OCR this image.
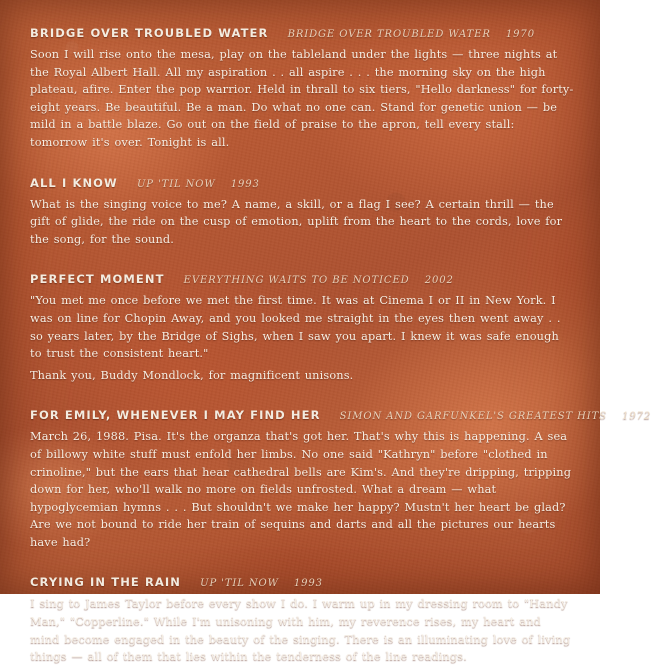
BRIDGE OVER TROUBLED WATER BRIDGE OVER TROUBLED WATER 1970
Soon I will rise onto the mesa, play on the tableland under the lights — three nights at the Royal Albert Hall. All my aspiration . . all aspire . . . the morning sky on the high plateau, afire. Enter the pop warrior. Held in thrall to six tiers, "Hello darkness" for forty-eight years. Be beautiful. Be a man. Do what no one can. Stand for genetic union — be mild in a battle blaze. Go out on the field of praise to the apron, tell every stall: tomorrow it's over. Tonight is all.
ALL I KNOW UP 'TIL NOW 1993
What is the singing voice to me? A name, a skill, or a flag I see? A certain thrill — the gift of glide, the ride on the cusp of emotion, uplift from the heart to the cords, love for the song, for the sound.
PERFECT MOMENT EVERYTHING WAITS TO BE NOTICED 2002
"You met me once before we met the first time. It was at Cinema I or II in New York. I was on line for Chopin Away, and you looked me straight in the eyes then went away . . so years later, by the Bridge of Sighs, when I saw you apart. I knew it was safe enough to trust the consistent heart."
Thank you, Buddy Mondlock, for magnificent unisons.
FOR EMILY, WHENEVER I MAY FIND HER SIMON AND GARFUNKEL'S GREATEST HITS 1972
March 26, 1988. Pisa. It's the organza that's got her. That's why this is happening. A sea of billowy white stuff must enfold her limbs. No one said "Kathryn" before "clothed in crinoline," but the ears that hear cathedral bells are Kim's. And they're dripping, tripping down for her, who'll walk no more on fields unfrosted. What a dream — what hypoglycemian hymns . . . But shouldn't we make her happy? Mustn't her heart be glad? Are we not bound to ride her train of sequins and darts and all the pictures our hearts have had?
CRYING IN THE RAIN UP 'TIL NOW 1993
I sing to James Taylor before every show I do. I warm up in my dressing room to "Handy Man," "Copperline." While I'm unisoning with him, my reverence rises, my heart and mind become engaged in the beauty of the singing. There is an illuminating love of living things — all of them that lies within the tenderness of the line readings.
